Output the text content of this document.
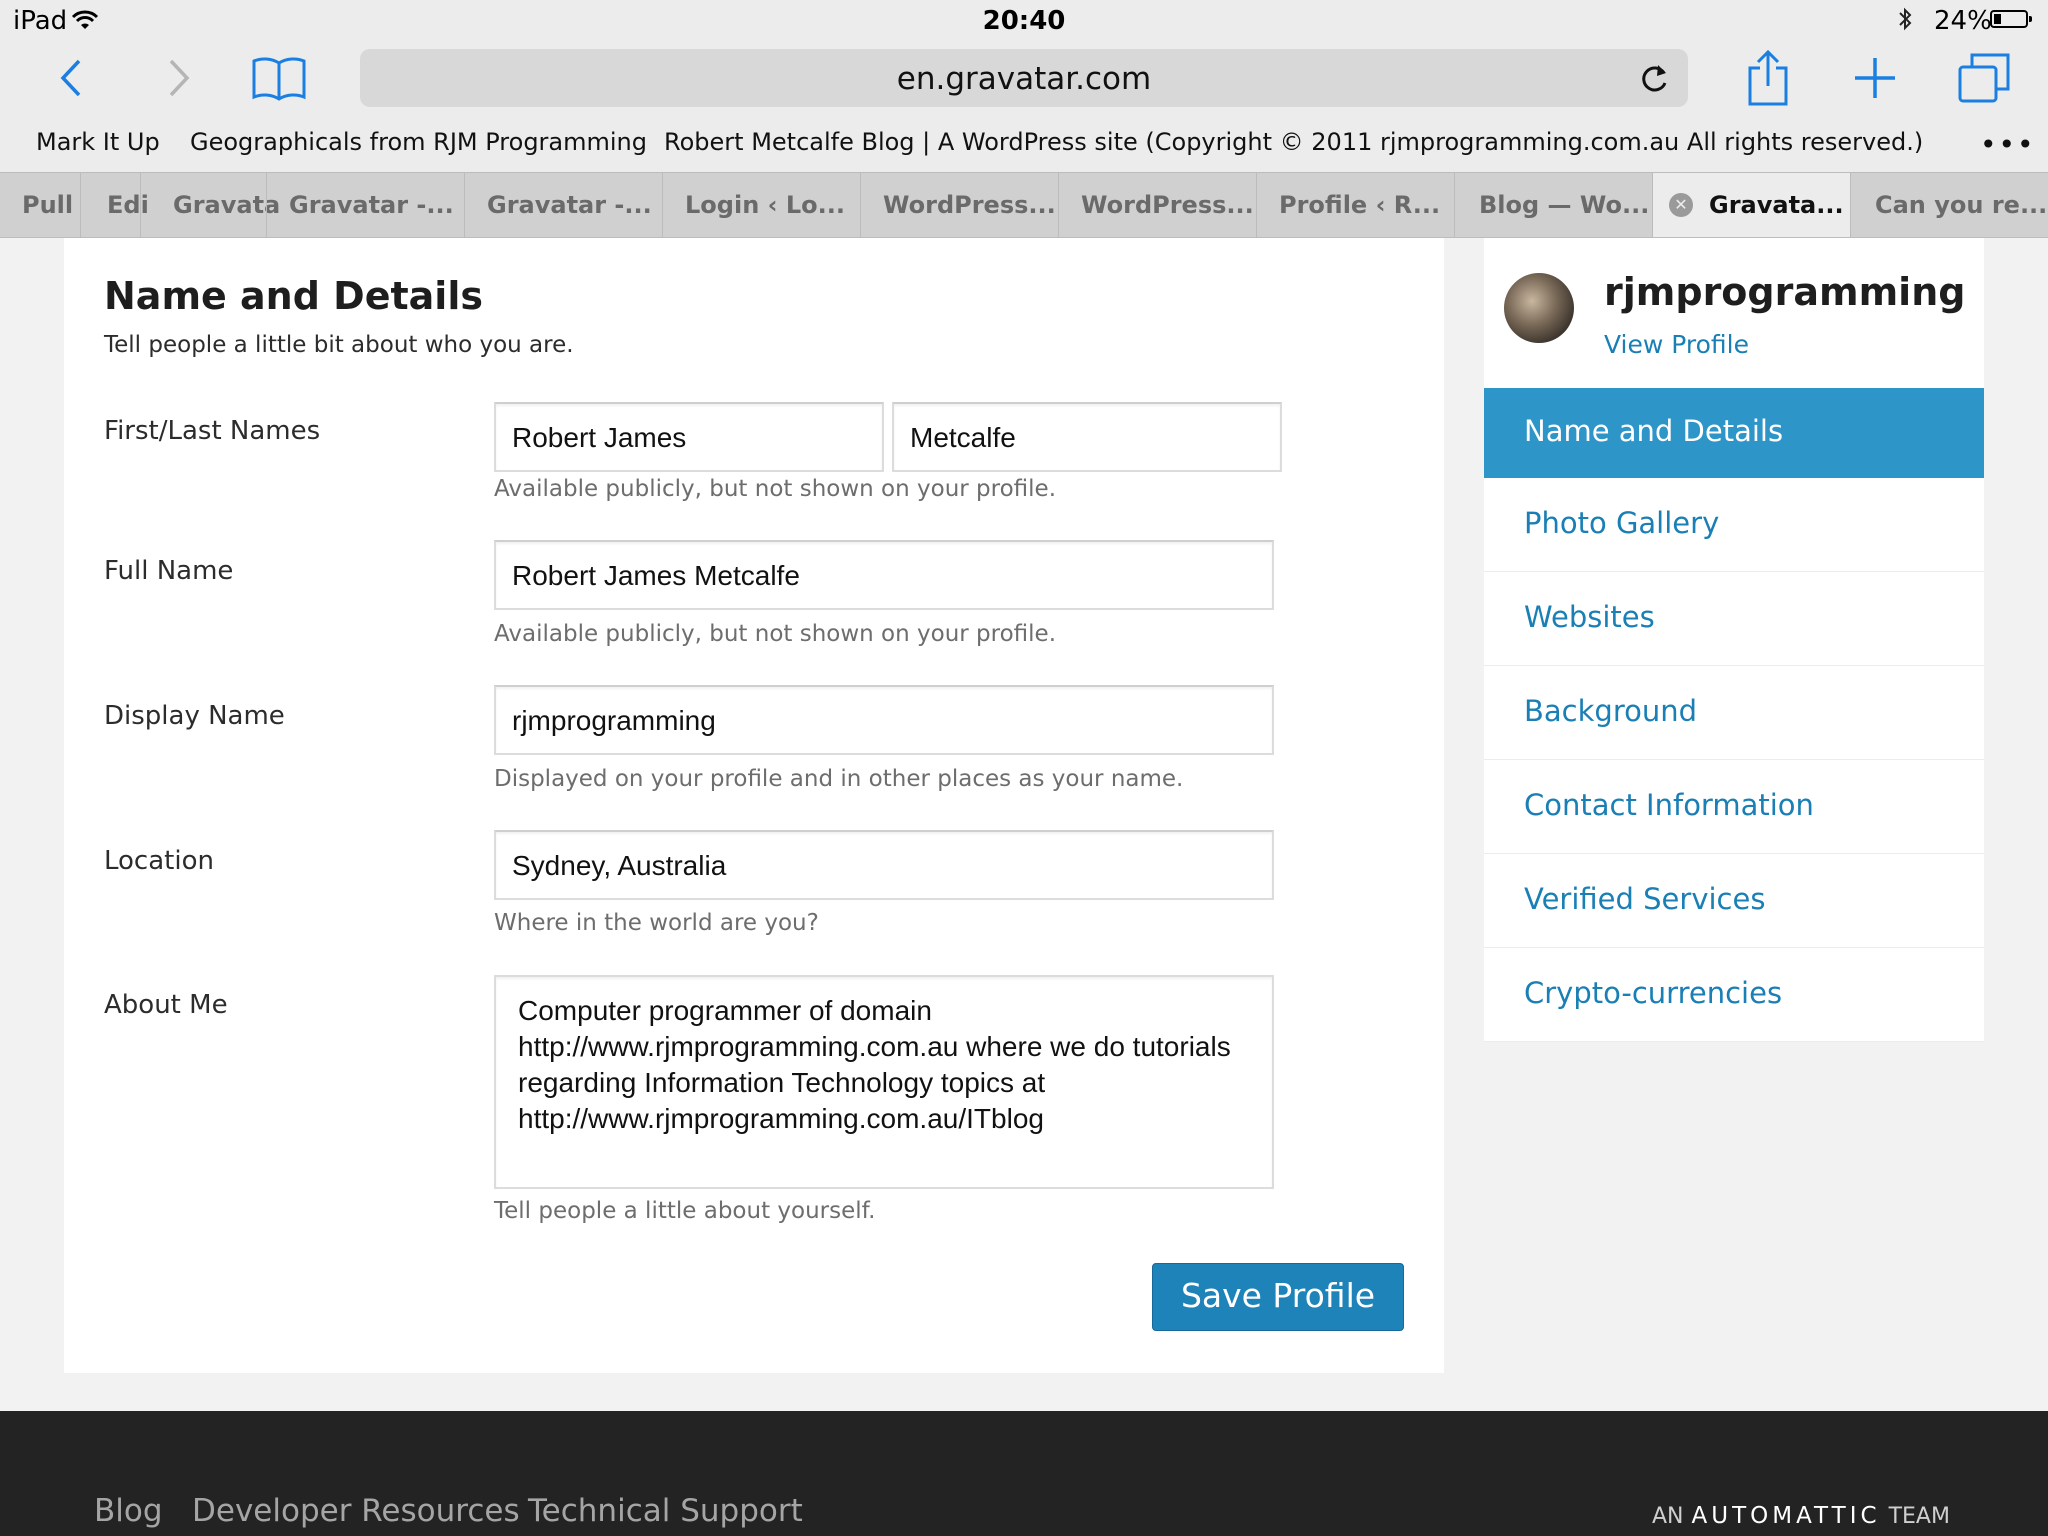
iPad	20:40	24%
en.gravatar.com
Mark It Up Geographicals from RJM Programming Robert Metcalfe Blog | A WordPress site (Copyright © 2011 rjmprogramming.com.au All rights reserved.) •••
Pull Edi Gravata Gravatar -... Gravatar -... Login ‹ Lo... WordPress... WordPress... Profile ‹ R... Blog — Wo...	✕ Gravata... Can you re...
Name and Details
Tell people a little bit about who you are.
First/Last Names	Robert James	Metcalfe
Available publicly, but not shown on your profile.
Full Name	Robert James Metcalfe
Available publicly, but not shown on your profile.
Display Name	rjmprogramming
Displayed on your profile and in other places as your name.
Location	Sydney, Australia
Where in the world are you?
About Me	Computer programmer of domain
http://www.rjmprogramming.com.au where we do tutorials
regarding Information Technology topics at
http://www.rjmprogramming.com.au/ITblog
Tell people a little about yourself.
Save Profile
rjmprogramming
View Profile
Name and Details
Photo Gallery
Websites
Background
Contact Information
Verified Services
Crypto-currencies
Blog Developer Resources Technical Support	AN AUTOMATTIC TEAM
